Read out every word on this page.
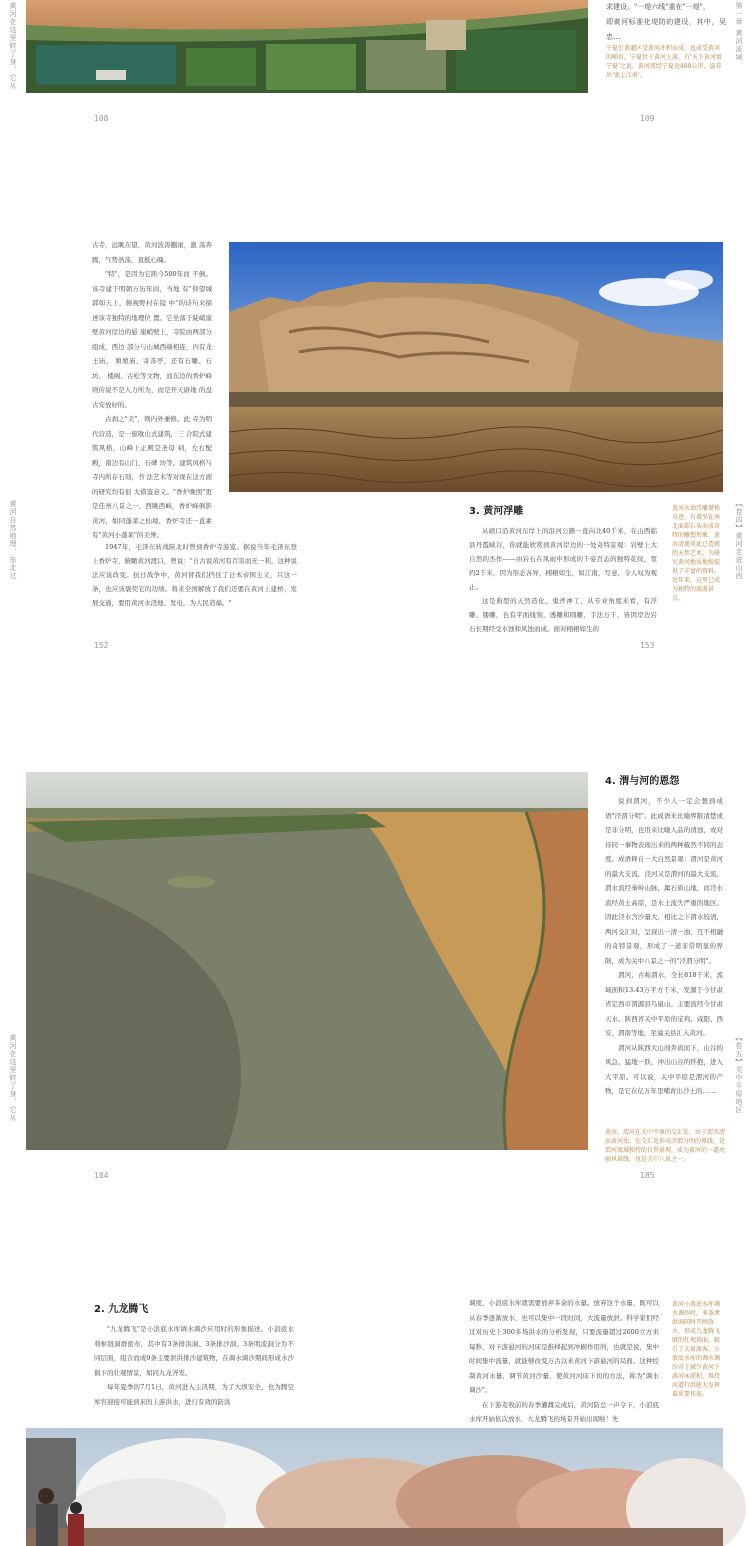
黄河在这里转了身，它从	求建设。"一堤六线"重在"一堤"，

即黄河标准化堤防的建设，其中，吴忠…

宁夏引黄灌区受黄河冲积而成，也成受黄河的哺育。宁夏位于黄河上游，有‘天下黄河富宁夏’之说，黄河流经宁夏近400公里，滋养出‘塞上江南’。
第一章 黄河流域
108	109
黄河自然地理、东北过

古寺，远眺东望，黄河波涛翻滚，激 荡奔腾，气势浩荡，直抵心魄。

"特"，是因为它距今500年而 不倒。该寺建于明朝万历年间，当地 有"仰望城郭如天上，俯视野村在镜 中"的诗句来描述该寺独特的地理位 置。它坐落于陡峭崖壁黄河岸边的悬 崖峭壁上，寺院由两部分组成，西边 部分与山城西端相连，内有龙王庙、 娘娘庙、寄善亭，还有石雕、石坊、 楼阁、古松等文物，而东边的香炉峰 则传说不是人力所为，而是开天辟地 的盘古安放好的。

古刹之"美"，则内外兼修。此 寺为明代营造，是一座歇山式建筑，三 合院式建筑风格，山峰上正殿是圣母 祠，左右配殿，南边有山门、石碑 坊等。建筑风格与寺内所存石刻，书 法艺术等对现在这方面的研究均有很 大借鉴意义。"香炉晚照"更是佳州八景之一，西眺西峡，香炉峰倒影黄河，如同蓬莱之仙境，香炉寺还一直素有"黄河小蓬莱"的美誉。

1947年，毛泽东转战陕北时曾到香炉寺游览。据说当年毛泽东登上香炉寺，俯瞰黄河渡口，曾说："自古说黄河有百害而无一利，这种说法应该改变。抗日战争中，黄河替我们挡住了日本帝国主义，只这一条，也应该褒奖它的功绩。将来全国解放了我们还要在黄河上建桥，发展交通，要用黄河水浇地、发电，为人民造福。"

3. 黄河浮雕

从碛口沿黄河东岸上的沿河公路一直向北40千米，在山西临县丹霞峡谷，你就能欣赏到黄河岸边的一处奇特景观：岩壁上大自然的杰作——由岩石在风雨中形成的千姿百态的独特花纹，宽约2千米，因为形态各异，栩栩如生，如江南，写意，令人叹为观止。

这是典型的天然造化、鬼斧神工，从专业角度来看，有浮雕、镂雕，也有平面线刻，透雕和圆雕，手法万千，皆因岸边岩石长期经受水蚀和风蚀而成。面对栩栩如生的

黄河水蚀浮雕堪称奇迹，有着坐在南北面部石头而成奇特的雕塑形象，黄河清流对此已造就的天然艺术，为研究黄河地质地貌提供了丰富的资料。近年来，这里已成为独特的旅游景点。
【卷四】黄河走进山西
152	153
黄河在这里转了身，它从
4. 渭与河的恩怨

说到渭河，不少人一定会想到成语"泾渭分明"。此成语来比喻界限清楚或是非分明，也用来比喻人品的清浊，或对待同一事物表现出来的两种截然不同的态度。成语释自一大自然景观：渭河是黄河的最大支流，泾河又是渭河的最大支流。渭水流经秦岭山脉，属石质山地，而泾水流经黄土高原，是水土流失严重的地区。因此泾水含沙量大，相比之下渭水较清，两河交汇时，呈现出一清一浊、互不相融的奇特景观，形成了一道非常明显的界限，成为关中八景之一的"泾渭分明"。

渭河，古称渭水，全长818千米，流域面积13.43万平方千米，发源于今甘肃省定西市渭源县鸟鼠山。主要流经今甘肃天水、陕西省关中平原的宝鸡、咸阳、西安、渭南等地，至潼关县汇入黄河。

渭河从陕西大山间奔流而下，山谷的风急，猛地一跃，冲出山谷的怀抱，进入大平原。可以说，关中平原是渭河的产物，是它在亿万年里哺育出沙土的……

黄河、渭河在关中平原的交汇处，由于渭水清而黄河浊，在交汇处形成泾渭分明的界线，是渭河流域独特的自然景观，成为黄河的一道亮丽风景线，也是关中八景之一。
【卷五】关中平原地区
184	185
2. 九龙腾飞

"九龙腾飞"是小浪底水库调水调沙应用时的形象描述。小浪底水利枢纽洞群密布，其中有3条排洪洞、3条排沙洞、3条明流洞分为不同层面，组合而成9条主要泄洪排沙建筑物，在调水调沙期间形成水沙俱下的壮观情景，如同九龙齐发。

每年夏季的7月1日，黄河进入主汛期，为了大坝安全，也为腾空库容迎接可能到来的上游洪水，进行有效的防洪

调度，小浪底水库就需要放弃多余的水量。放弃这个水量，既可以从春季逐渐放水，也可以集中一段时间，大流量放泄。科学家们经过对历史上300多场洪水的分析发现，只要流量超过2600立方米每秒，对下游悬河的河床是推移起到冲刷作用的，也就是说，集中时间集中流量，就能够改变万古以来黄河下游悬河的局面。这种控制黄河水量，调节黄河沙量，使黄河河床下切的方法，称为"调水调沙"。

在下游麦收前的春季灌溉完成后，黄河防总一声令下，小浪底水库开始依次放水，九龙腾飞的场景开始出现啦！先

黄河小浪底水库调水调沙时，多条泄洪洞同时开闸放水，形成九龙腾飞般的壮观场面，吸引了大量游客。小浪底水库的调水调沙对于减少黄河下游河床淤积、维持河道行洪能力发挥着重要作用。
